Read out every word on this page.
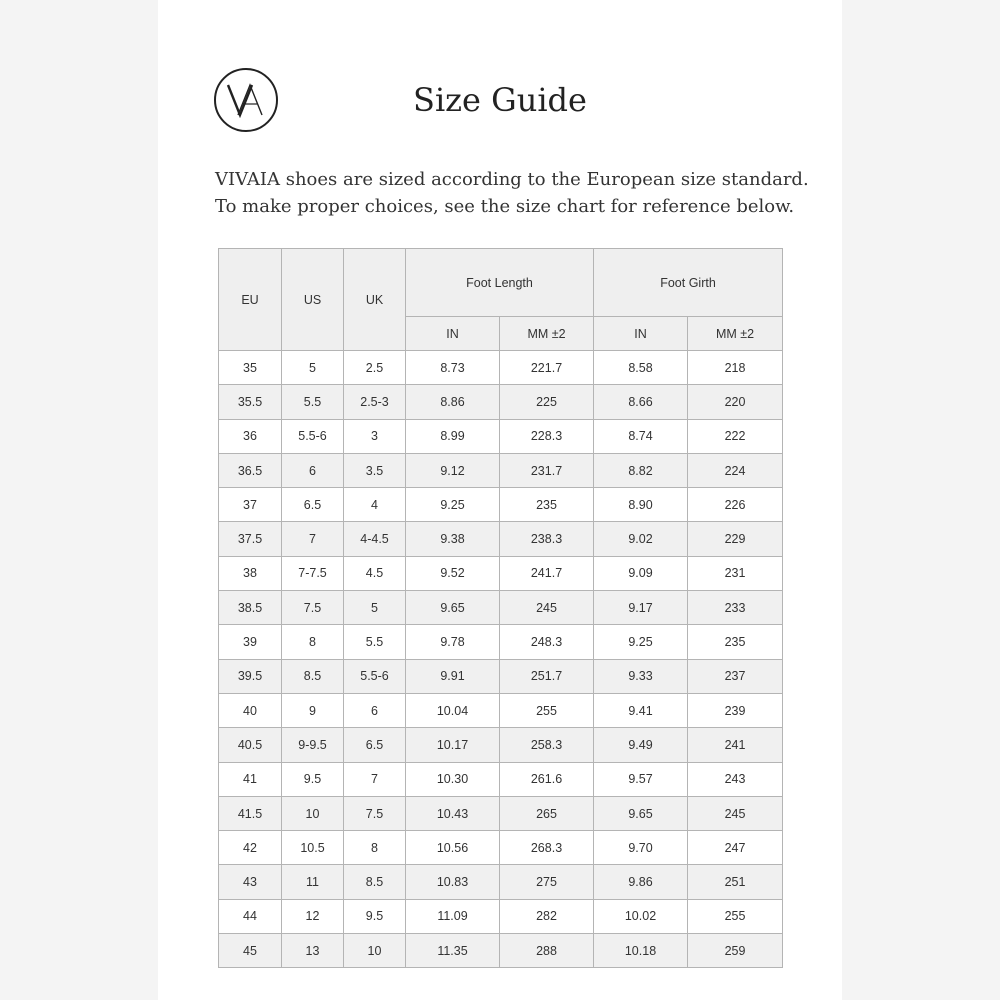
Size Guide

VIVAIA shoes are sized according to the European size standard.
To make proper choices, see the size chart for reference below.

EU	US	UK	Foot Length		Foot Girth	
			IN	MM ±2	IN	MM ±2
35	5	2.5	8.73	221.7	8.58	218
35.5	5.5	2.5-3	8.86	225	8.66	220
36	5.5-6	3	8.99	228.3	8.74	222
36.5	6	3.5	9.12	231.7	8.82	224
37	6.5	4	9.25	235	8.90	226
37.5	7	4-4.5	9.38	238.3	9.02	229
38	7-7.5	4.5	9.52	241.7	9.09	231
38.5	7.5	5	9.65	245	9.17	233
39	8	5.5	9.78	248.3	9.25	235
39.5	8.5	5.5-6	9.91	251.7	9.33	237
40	9	6	10.04	255	9.41	239
40.5	9-9.5	6.5	10.17	258.3	9.49	241
41	9.5	7	10.30	261.6	9.57	243
41.5	10	7.5	10.43	265	9.65	245
42	10.5	8	10.56	268.3	9.70	247
43	11	8.5	10.83	275	9.86	251
44	12	9.5	11.09	282	10.02	255
45	13	10	11.35	288	10.18	259
